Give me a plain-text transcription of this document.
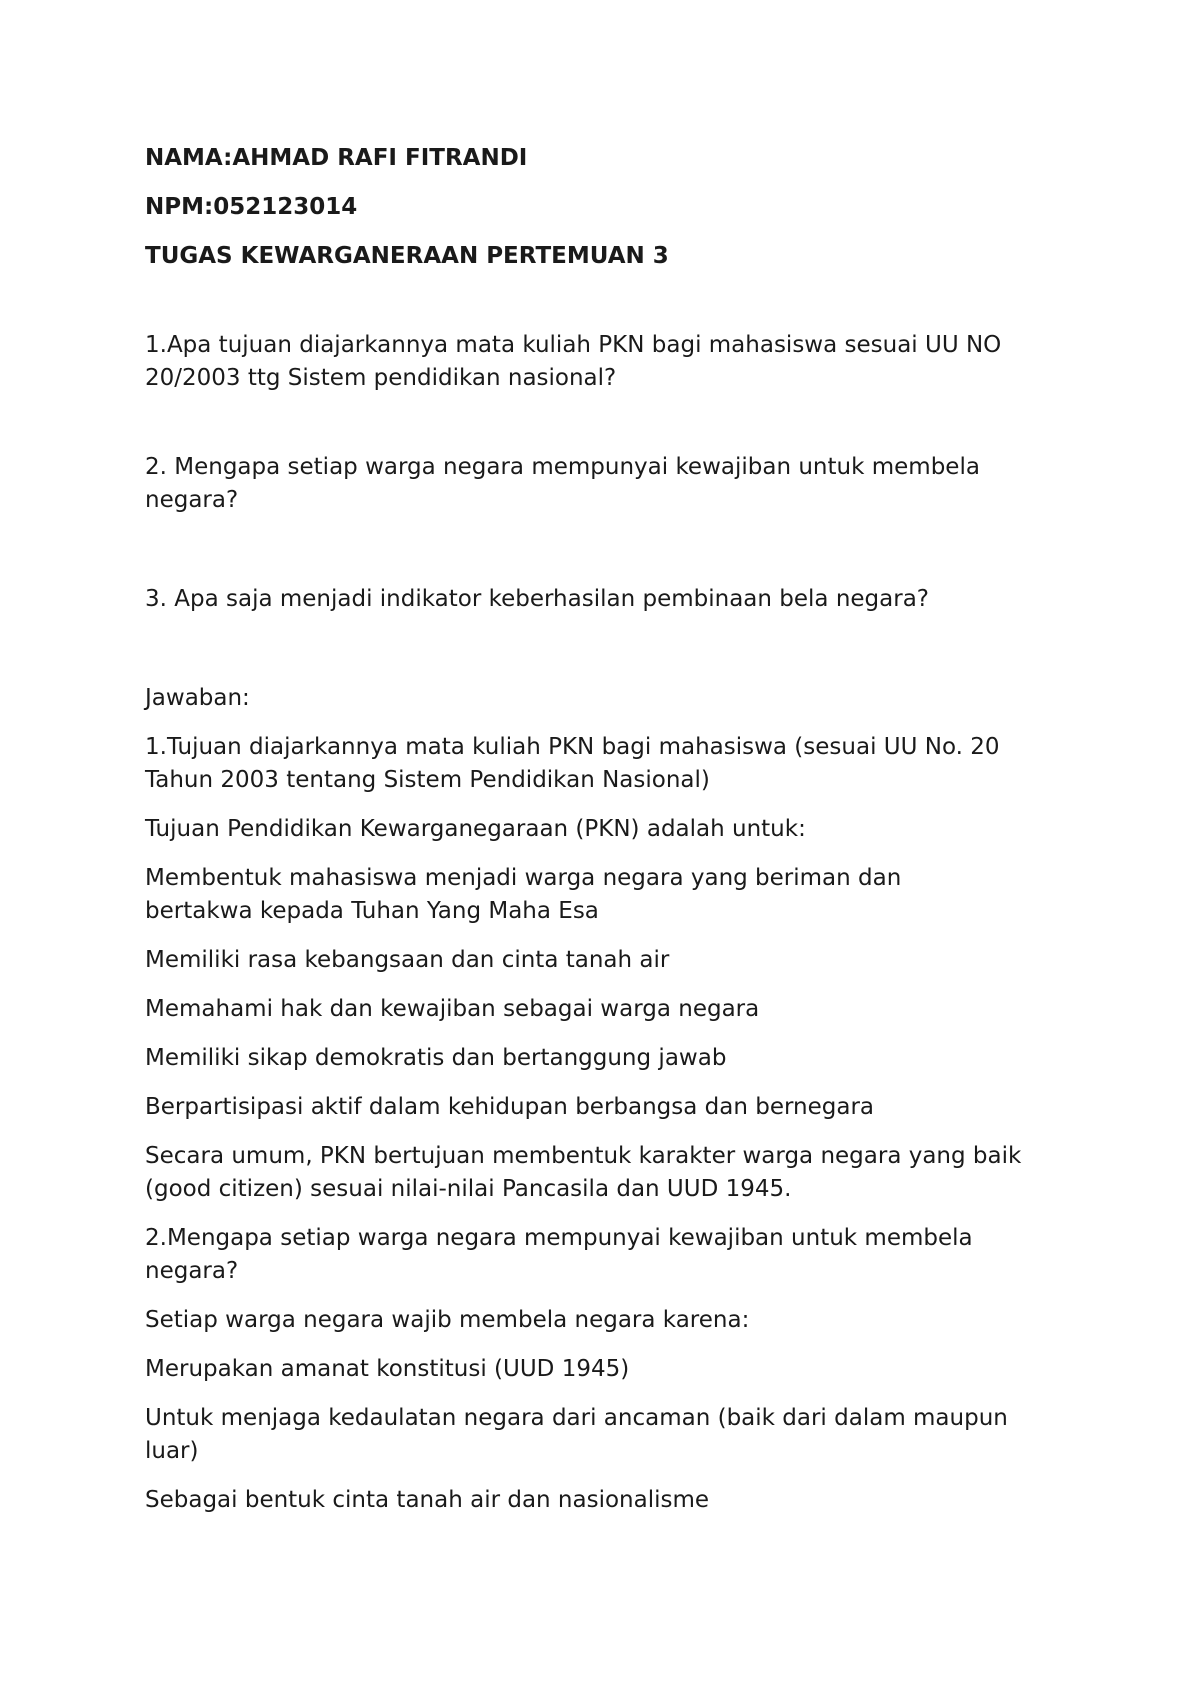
NAMA:AHMAD RAFI FITRANDI

NPM:052123014

TUGAS KEWARGANERAAN PERTEMUAN 3

1.Apa tujuan diajarkannya mata kuliah PKN bagi mahasiswa sesuai UU NO 20/2003 ttg Sistem pendidikan nasional?

2. Mengapa setiap warga negara mempunyai kewajiban untuk membela negara?

3. Apa saja menjadi indikator keberhasilan pembinaan bela negara?

Jawaban:

1.Tujuan diajarkannya mata kuliah PKN bagi mahasiswa (sesuai UU No. 20 Tahun 2003 tentang Sistem Pendidikan Nasional)

Tujuan Pendidikan Kewarganegaraan (PKN) adalah untuk:

Membentuk mahasiswa menjadi warga negara yang beriman dan bertakwa kepada Tuhan Yang Maha Esa

Memiliki rasa kebangsaan dan cinta tanah air

Memahami hak dan kewajiban sebagai warga negara

Memiliki sikap demokratis dan bertanggung jawab

Berpartisipasi aktif dalam kehidupan berbangsa dan bernegara

Secara umum, PKN bertujuan membentuk karakter warga negara yang baik (good citizen) sesuai nilai-nilai Pancasila dan UUD 1945.

2.Mengapa setiap warga negara mempunyai kewajiban untuk membela negara?

Setiap warga negara wajib membela negara karena:

Merupakan amanat konstitusi (UUD 1945)

Untuk menjaga kedaulatan negara dari ancaman (baik dari dalam maupun luar)

Sebagai bentuk cinta tanah air dan nasionalisme
